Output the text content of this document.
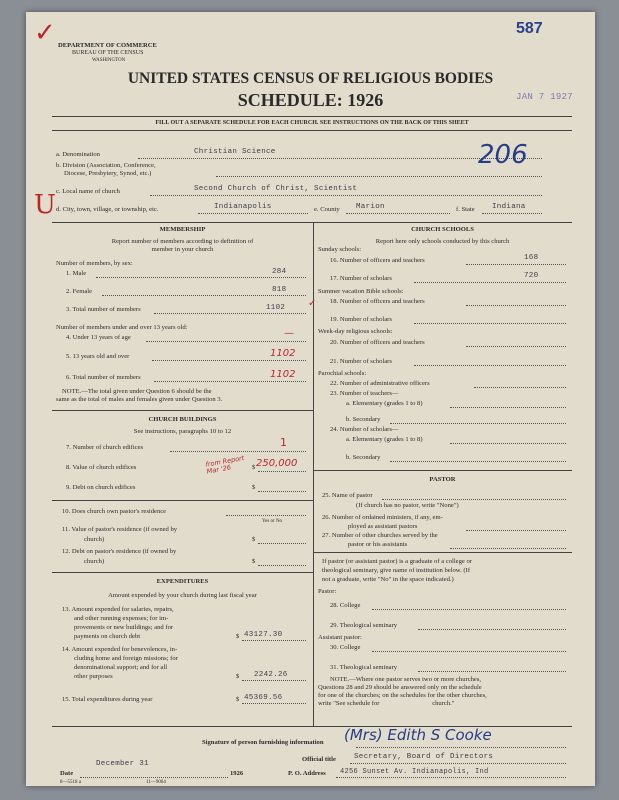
✓
U
DEPARTMENT OF COMMERCE
BUREAU OF THE CENSUS
WASHINGTON
587
JAN 7 1927
UNITED STATES CENSUS OF RELIGIOUS BODIES
SCHEDULE: 1926
FILL OUT A SEPARATE SCHEDULE FOR EACH CHURCH. SEE INSTRUCTIONS ON THE BACK OF THIS SHEET
a. Denomination	Christian Science	206
b. Division (Association, Conference,
Diocese, Presbytery, Synod, etc.)
c. Local name of church	Second Church of Christ, Scientist
d. City, town, village, or township, etc.	Indianapolis	e. County Marion	f. State Indiana
MEMBERSHIP
Report number of members according to definition of
member in your church
Number of members, by sex:
1. Male	284
2. Female	818
3. Total number of members	1102 ✓
Number of members under and over 13 years old:
4. Under 13 years of age	—
5. 13 years old and over	1102
6. Total number of members	1102
NOTE.—The total given under Question 6 should be the
same as the total of males and females given under Question 3.
CHURCH BUILDINGS
See instructions, paragraphs 10 to 12
7. Number of church edifices	1
8. Value of church edifices	from Report Mar '26	$ 250,000
9. Debt on church edifices	$
10. Does church own pastor's residence
Yes or No
11. Value of pastor's residence (if owned by
church)	$
12. Debt on pastor's residence (if owned by
church)	$
EXPENDITURES
Amount expended by your church during last fiscal year
13. Amount expended for salaries, repairs,
and other running expenses; for im-
provements or new buildings; and for
payments on church debt	$ 43127.30
14. Amount expended for benevolences, in-
cluding home and foreign missions; for
denominational support; and for all
other purposes	$ 2242.26
15. Total expenditures during year	$ 45369.56
CHURCH SCHOOLS
Report here only schools conducted by this church
Sunday schools:
16. Number of officers and teachers	168
17. Number of scholars	720
Summer vacation Bible schools:
18. Number of officers and teachers
19. Number of scholars
Week-day religious schools:
20. Number of officers and teachers
21. Number of scholars
Parochial schools:
22. Number of administrative officers
23. Number of teachers—
a. Elementary (grades 1 to 8)
b. Secondary
24. Number of scholars—
a. Elementary (grades 1 to 8)
b. Secondary
PASTOR
25. Name of pastor
(If church has no pastor, write "None")
26. Number of ordained ministers, if any, em-
ployed as assistant pastors
27. Number of other churches served by the
pastor or his assistants
If pastor (or assistant pastor) is a graduate of a college or
theological seminary, give name of institution below. (If
not a graduate, write "No" in the space indicated.)
Pastor:
28. College
29. Theological seminary
Assistant pastor:
30. College
31. Theological seminary
NOTE.—Where one pastor serves two or more churches,
Questions 28 and 29 should be answered only on the schedule
for one of the churches; on the schedules for the other churches,
write "See schedule for                                church."
Signature of person furnishing information (Mrs) Edith S Cooke
Official title Secretary, Board of Directors
Date
December 31
1926	P. O. Address 4256 Sunset Av. Indianapolis, Ind
8—5518 a	11—9064
